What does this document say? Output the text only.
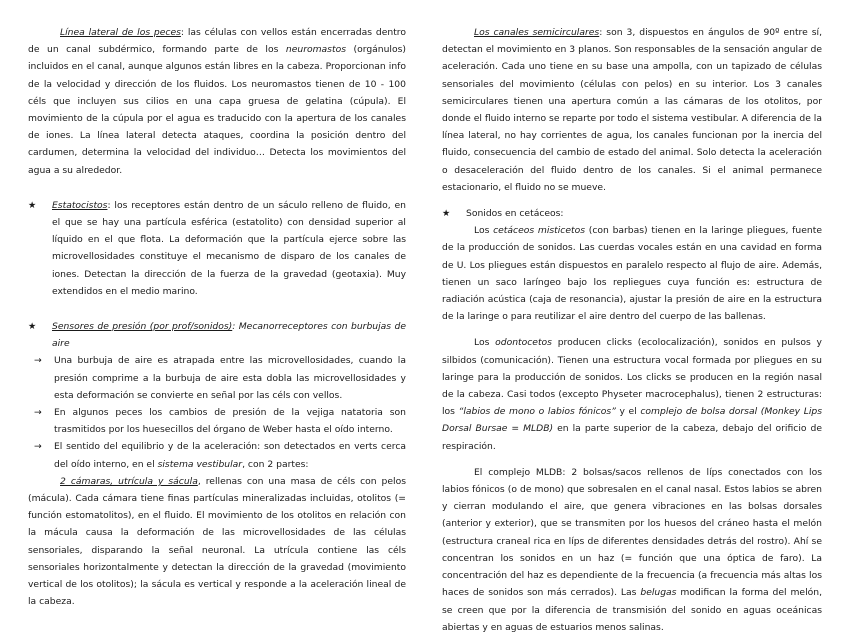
Línea lateral de los peces: las células con vellos están encerradas dentro de un canal subdérmico, formando parte de los neuromastos (orgánulos) incluidos en el canal, aunque algunos están libres en la cabeza. Proporcionan info de la velocidad y dirección de los fluidos. Los neuromastos tienen de 10 - 100 céls que incluyen sus cilios en una capa gruesa de gelatina (cúpula). El movimiento de la cúpula por el agua es traducido con la apertura de los canales de iones. La línea lateral detecta ataques, coordina la posición dentro del cardumen, determina la velocidad del individuo… Detecta los movimientos del agua a su alrededor.

★ Estatocistos: los receptores están dentro de un sáculo relleno de fluido, en el que se hay una partícula esférica (estatolito) con densidad superior al líquido en el que flota. La deformación que la partícula ejerce sobre las microvellosidades constituye el mecanismo de disparo de los canales de iones. Detectan la dirección de la fuerza de la gravedad (geotaxia). Muy extendidos en el medio marino.

★ Sensores de presión (por prof/sonidos): Mecanorreceptores con burbujas de aire

→ Una burbuja de aire es atrapada entre las microvellosidades, cuando la presión comprime a la burbuja de aire esta dobla las microvellosidades y esta deformación se convierte en señal por las céls con vellos.

→ En algunos peces los cambios de presión de la vejiga natatoria son trasmitidos por los huesecillos del órgano de Weber hasta el oído interno.

→ El sentido del equilibrio y de la aceleración: son detectados en verts cerca del oído interno, en el sistema vestibular, con 2 partes:

2 cámaras, utrícula y sácula, rellenas con una masa de céls con pelos (mácula). Cada cámara tiene finas partículas mineralizadas incluidas, otolitos (= función estomatolitos), en el fluido. El movimiento de los otolitos en relación con la mácula causa la deformación de las microvellosidades de las células sensoriales, disparando la señal neuronal. La utrícula contiene las céls sensoriales horizontalmente y detectan la dirección de la gravedad (movimiento vertical de los otolitos); la sácula es vertical y responde a la aceleración lineal de la cabeza.

Los canales semicirculares: son 3, dispuestos en ángulos de 90º entre sí, detectan el movimiento en 3 planos. Son responsables de la sensación angular de aceleración. Cada uno tiene en su base una ampolla, con un tapizado de células sensoriales del movimiento (células con pelos) en su interior. Los 3 canales semicirculares tienen una apertura común a las cámaras de los otolitos, por donde el fluido interno se reparte por todo el sistema vestibular. A diferencia de la línea lateral, no hay corrientes de agua, los canales funcionan por la inercia del fluido, consecuencia del cambio de estado del animal. Solo detecta la aceleración o desaceleración del fluido dentro de los canales. Si el animal permanece estacionario, el fluido no se mueve.

★ Sonidos en cetáceos:

Los cetáceos misticetos (con barbas) tienen en la laringe pliegues, fuente de la producción de sonidos. Las cuerdas vocales están en una cavidad en forma de U. Los pliegues están dispuestos en paralelo respecto al flujo de aire. Además, tienen un saco laríngeo bajo los repliegues cuya función es: estructura de radiación acústica (caja de resonancia), ajustar la presión de aire en la estructura de la laringe o para reutilizar el aire dentro del cuerpo de las ballenas.

Los odontocetos producen clicks (ecolocalización), sonidos en pulsos y silbidos (comunicación). Tienen una estructura vocal formada por pliegues en su laringe para la producción de sonidos. Los clicks se producen en la región nasal de la cabeza. Casi todos (excepto Physeter macrocephalus), tienen 2 estructuras: los “labios de mono o labios fónicos” y el complejo de bolsa dorsal (Monkey Lips Dorsal Bursae = MLDB) en la parte superior de la cabeza, debajo del orificio de respiración.

El complejo MLDB: 2 bolsas/sacos rellenos de líps conectados con los labios fónicos (o de mono) que sobresalen en el canal nasal. Estos labios se abren y cierran modulando el aire, que genera vibraciones en las bolsas dorsales (anterior y exterior), que se transmiten por los huesos del cráneo hasta el melón (estructura craneal rica en líps de diferentes densidades detrás del rostro). Ahí se concentran los sonidos en un haz (= función que una óptica de faro). La concentración del haz es dependiente de la frecuencia (a frecuencia más altas los haces de sonidos son más cerrados). Las belugas modifican la forma del melón, se creen que por la diferencia de transmisión del sonido en aguas oceánicas abiertas y en aguas de estuarios menos salinas.
